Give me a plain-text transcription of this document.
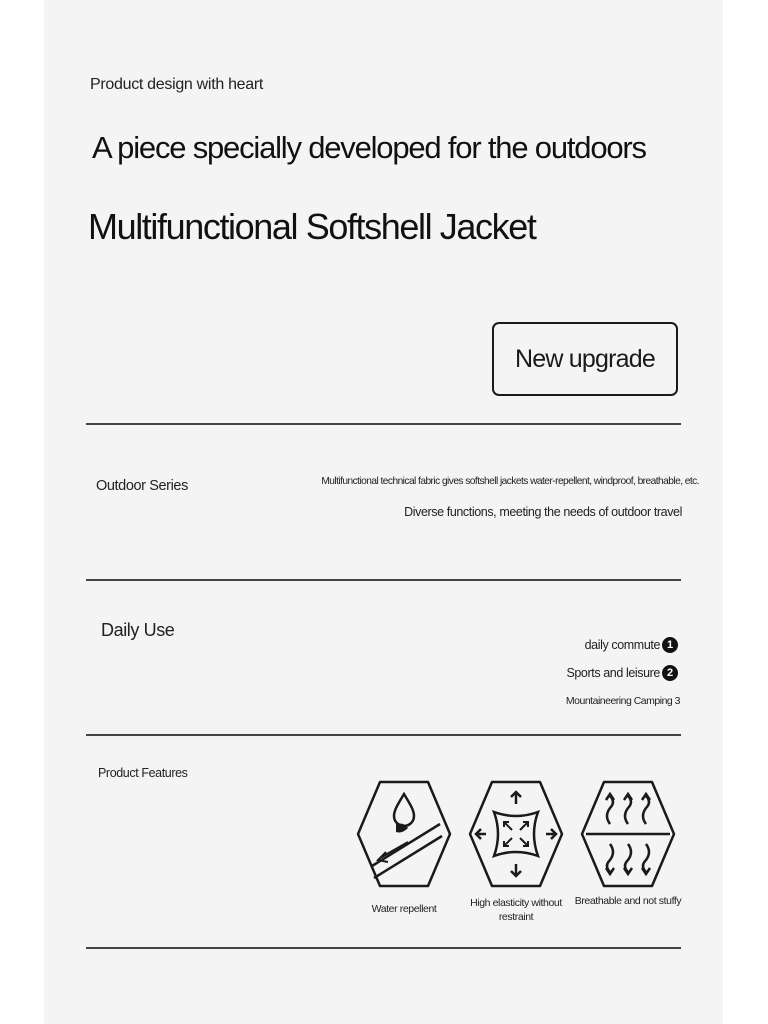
Product design with heart
A piece specially developed for the outdoors
Multifunctional Softshell Jacket
New upgrade
Outdoor Series	Multifunctional technical fabric gives softshell jackets water-repellent, windproof, breathable, etc.
Diverse functions, meeting the needs of outdoor travel
Daily Use
daily commute 1
Sports and leisure 2
Mountaineering Camping 3
Product Features
Water repellent	High elasticity without restraint
Breathable and not stuffy
